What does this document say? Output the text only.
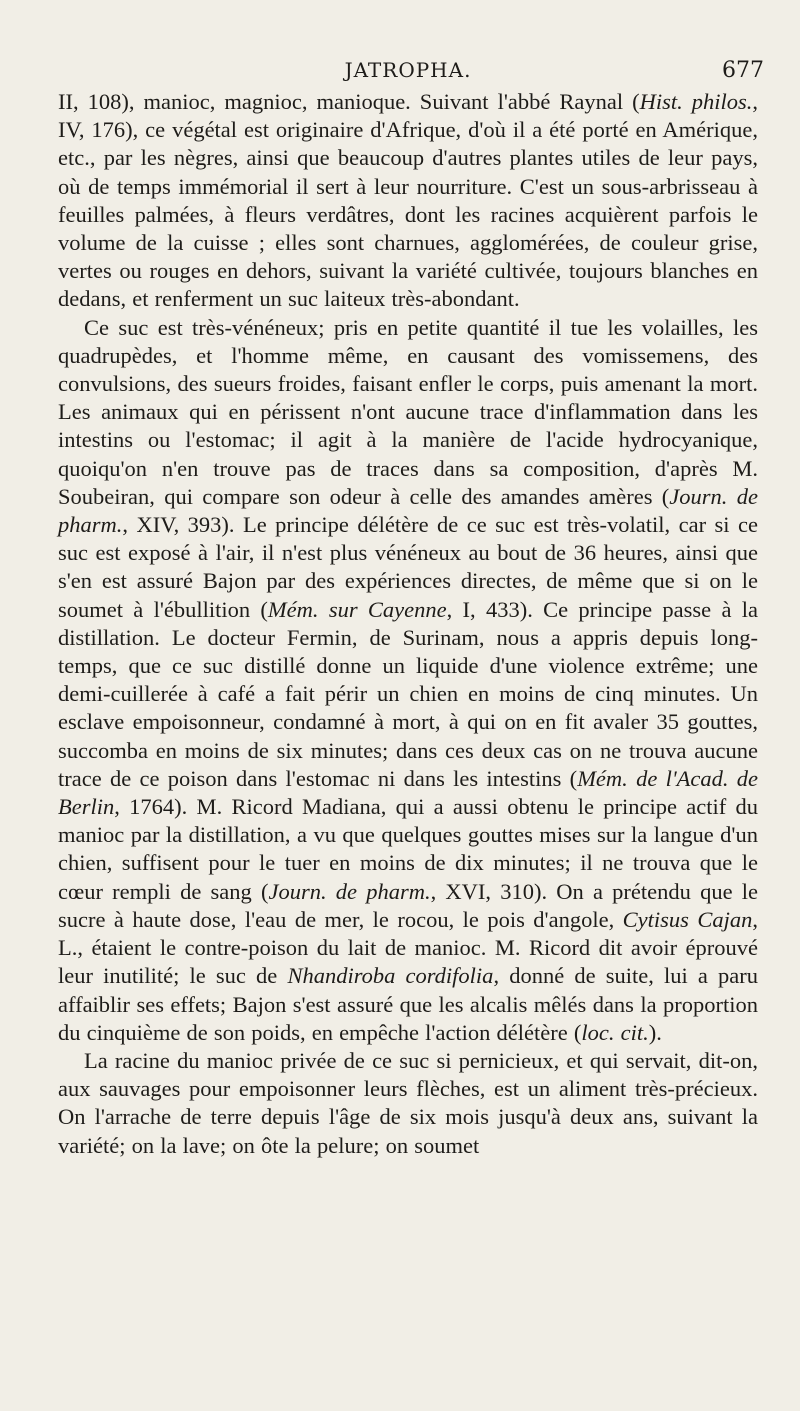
JATROPHA.	677

II, 108), manioc, magnioc, manioque. Suivant l'abbé Raynal (Hist. philos., IV, 176), ce végétal est originaire d'Afrique, d'où il a été porté en Amérique, etc., par les nègres, ainsi que beaucoup d'autres plantes utiles de leur pays, où de temps immémorial il sert à leur nourriture. C'est un sous-arbrisseau à feuilles palmées, à fleurs verdâtres, dont les racines acquièrent parfois le volume de la cuisse ; elles sont charnues, agglomérées, de couleur grise, vertes ou rouges en dehors, suivant la variété cultivée, toujours blanches en dedans, et renferment un suc laiteux très-abondant.

Ce suc est très-vénéneux; pris en petite quantité il tue les volailles, les quadrupèdes, et l'homme même, en causant des vomissemens, des convulsions, des sueurs froides, faisant enfler le corps, puis amenant la mort. Les animaux qui en périssent n'ont aucune trace d'inflammation dans les intestins ou l'estomac; il agit à la manière de l'acide hydrocyanique, quoiqu'on n'en trouve pas de traces dans sa composition, d'après M. Soubeiran, qui compare son odeur à celle des amandes amères (Journ. de pharm., XIV, 393). Le principe délétère de ce suc est très-volatil, car si ce suc est exposé à l'air, il n'est plus vénéneux au bout de 36 heures, ainsi que s'en est assuré Bajon par des expériences directes, de même que si on le soumet à l'ébullition (Mém. sur Cayenne, I, 433). Ce principe passe à la distillation. Le docteur Fermin, de Surinam, nous a appris depuis long-temps, que ce suc distillé donne un liquide d'une violence extrême; une demi-cuillerée à café a fait périr un chien en moins de cinq minutes. Un esclave empoisonneur, condamné à mort, à qui on en fit avaler 35 gouttes, succomba en moins de six minutes; dans ces deux cas on ne trouva aucune trace de ce poison dans l'estomac ni dans les intestins (Mém. de l'Acad. de Berlin, 1764). M. Ricord Madiana, qui a aussi obtenu le principe actif du manioc par la distillation, a vu que quelques gouttes mises sur la langue d'un chien, suffisent pour le tuer en moins de dix minutes; il ne trouva que le cœur rempli de sang (Journ. de pharm., XVI, 310). On a prétendu que le sucre à haute dose, l'eau de mer, le rocou, le pois d'angole, Cytisus Cajan, L., étaient le contre-poison du lait de manioc. M. Ricord dit avoir éprouvé leur inutilité; le suc de Nhandiroba cordifolia, donné de suite, lui a paru affaiblir ses effets; Bajon s'est assuré que les alcalis mêlés dans la proportion du cinquième de son poids, en empêche l'action délétère (loc. cit.).

La racine du manioc privée de ce suc si pernicieux, et qui servait, dit-on, aux sauvages pour empoisonner leurs flèches, est un aliment très-précieux. On l'arrache de terre depuis l'âge de six mois jusqu'à deux ans, suivant la variété; on la lave; on ôte la pelure; on soumet
